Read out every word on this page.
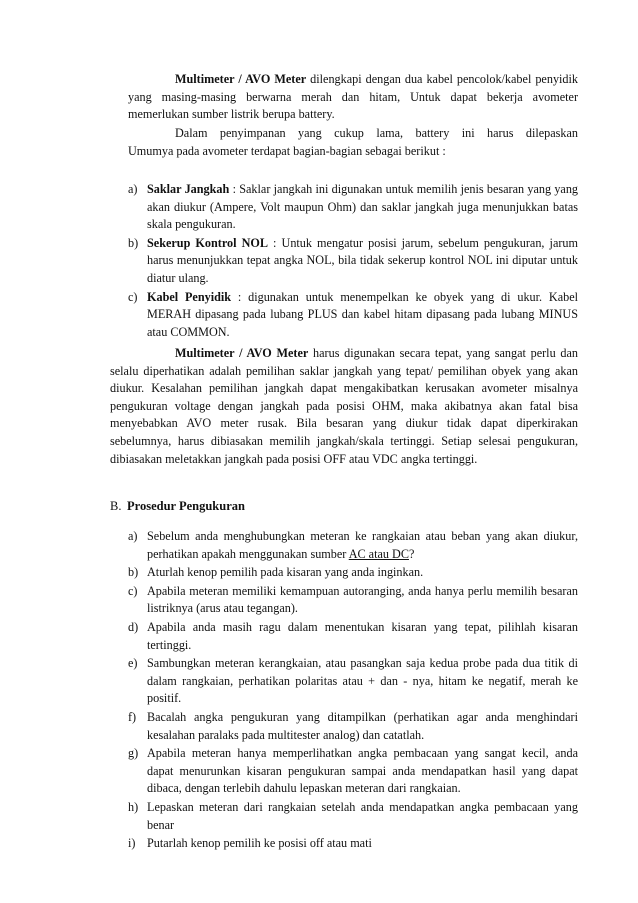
Multimeter / AVO Meter dilengkapi dengan dua kabel pencolok/kabel penyidik yang masing-masing berwarna merah dan hitam, Untuk dapat bekerja avometer memerlukan sumber listrik berupa battery.
Dalam penyimpanan yang cukup lama, battery ini harus dilepaskan
Umumya pada avometer terdapat bagian-bagian sebagai berikut :
a) Saklar Jangkah : Saklar jangkah ini digunakan untuk memilih jenis besaran yang yang akan diukur (Ampere, Volt maupun Ohm) dan saklar jangkah juga menunjukkan batas skala pengukuran.
b) Sekerup Kontrol NOL : Untuk mengatur posisi jarum, sebelum pengukuran, jarum harus menunjukkan tepat angka NOL, bila tidak sekerup kontrol NOL ini diputar untuk diatur ulang.
c) Kabel Penyidik : digunakan untuk menempelkan ke obyek yang di ukur. Kabel MERAH dipasang pada lubang PLUS dan kabel hitam dipasang pada lubang MINUS atau COMMON.
Multimeter / AVO Meter harus digunakan secara tepat, yang sangat perlu dan selalu diperhatikan adalah pemilihan saklar jangkah yang tepat/ pemilihan obyek yang akan diukur. Kesalahan pemilihan jangkah dapat mengakibatkan kerusakan avometer misalnya pengukuran voltage dengan jangkah pada posisi OHM, maka akibatnya akan fatal bisa menyebabkan AVO meter rusak. Bila besaran yang diukur tidak dapat diperkirakan sebelumnya, harus dibiasakan memilih jangkah/skala tertinggi. Setiap selesai pengukuran, dibiasakan meletakkan jangkah pada posisi OFF atau VDC angka tertinggi.
B. Prosedur Pengukuran
a) Sebelum anda menghubungkan meteran ke rangkaian atau beban yang akan diukur, perhatikan apakah menggunakan sumber AC atau DC?
b) Aturlah kenop pemilih pada kisaran yang anda inginkan.
c) Apabila meteran memiliki kemampuan autoranging, anda hanya perlu memilih besaran listriknya (arus atau tegangan).
d) Apabila anda masih ragu dalam menentukan kisaran yang tepat, pilihlah kisaran tertinggi.
e) Sambungkan meteran kerangkaian, atau pasangkan saja kedua probe pada dua titik di dalam rangkaian, perhatikan polaritas atau + dan - nya, hitam ke negatif, merah ke positif.
f) Bacalah angka pengukuran yang ditampilkan (perhatikan agar anda menghindari kesalahan paralaks pada multitester analog) dan catatlah.
g) Apabila meteran hanya memperlihatkan angka pembacaan yang sangat kecil, anda dapat menurunkan kisaran pengukuran sampai anda mendapatkan hasil yang dapat dibaca, dengan terlebih dahulu lepaskan meteran dari rangkaian.
h) Lepaskan meteran dari rangkaian setelah anda mendapatkan angka pembacaan yang benar
i) Putarlah kenop pemilih ke posisi off atau mati
